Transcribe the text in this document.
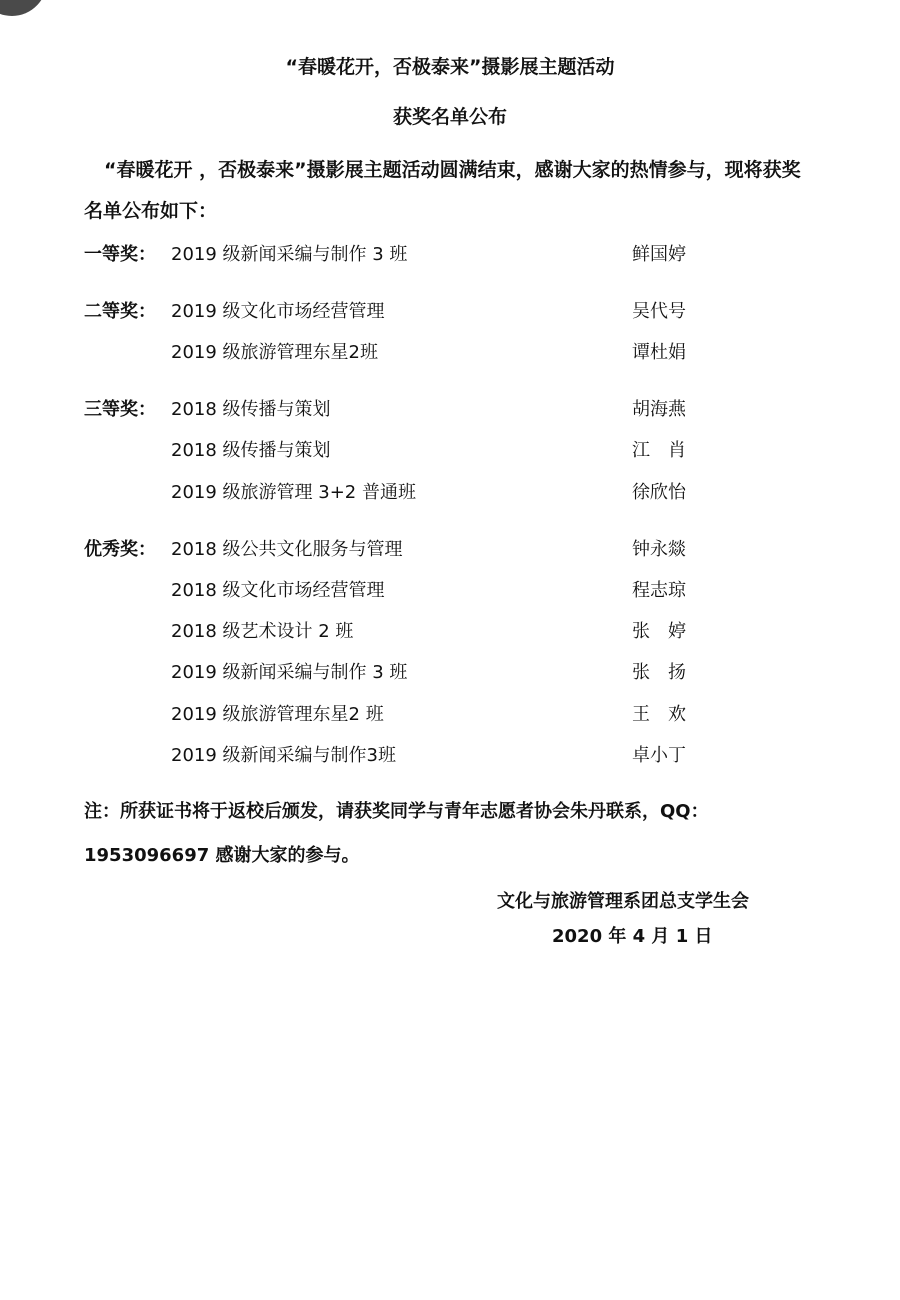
“春暖花开，否极泰来”摄影展主题活动
获奖名单公布
“春暖花开 ，否极泰来”摄影展主题活动圆满结束，感谢大家的热情参与，现将获奖名单公布如下：
一等奖： 2019 级新闻采编与制作 3 班	鲜国婷
二等奖： 2019 级文化市场经营管理	吴代号
2019 级旅游管理东星2班	谭杜娟
三等奖： 2018 级传播与策划	胡海燕
2018 级传播与策划	江　肖
2019 级旅游管理 3+2 普通班	徐欣怡
优秀奖： 2018 级公共文化服务与管理	钟永燚
2018 级文化市场经营管理	程志琼
2018 级艺术设计 2 班	张　婷
2019 级新闻采编与制作 3 班	张　扬
2019 级旅游管理东星2 班	王　欢
2019 级新闻采编与制作3班	卓小丁
注：所获证书将于返校后颁发，请获奖同学与青年志愿者协会朱丹联系，QQ：1953096697 感谢大家的参与。
文化与旅游管理系团总支学生会
2020 年 4 月 1 日
